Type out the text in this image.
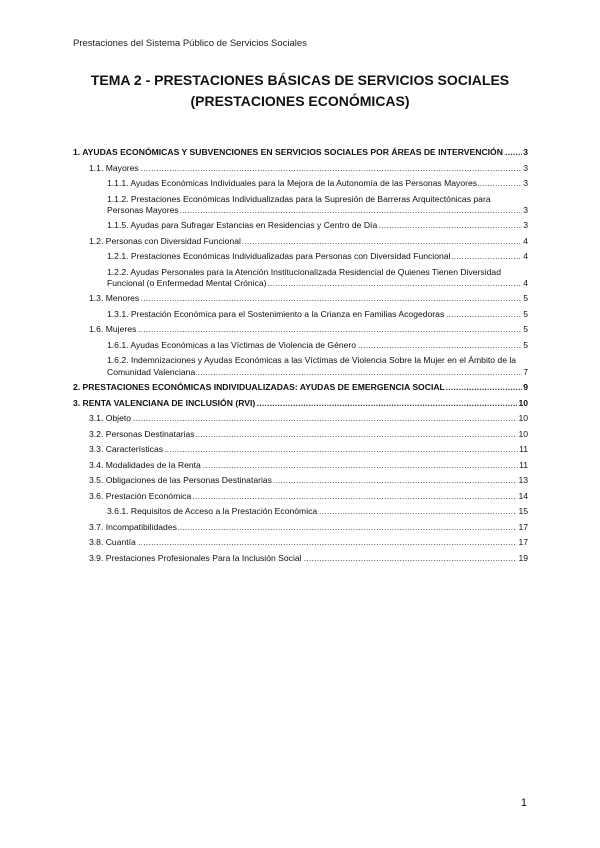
Prestaciones del Sistema Público de Servicios Sociales
TEMA 2 - PRESTACIONES BÁSICAS DE SERVICIOS SOCIALES
(PRESTACIONES ECONÓMICAS)
1. AYUDAS ECONÓMICAS Y SUBVENCIONES EN SERVICIOS SOCIALES POR ÁREAS DE INTERVENCIÓN .....	3
1.1. Mayores .....	3
1.1.1. Ayudas Económicas Individuales para la Mejora de la Autonomía de las Personas Mayores .....	3
1.1.2. Prestaciones Económicas Individualizadas para la Supresión de Barreras Arquitectónicas para Personas Mayores .....	3
1.1.5. Ayudas para Sufragar Estancias en Residencias y Centro de Día .....	3
1.2. Personas con Diversidad Funcional .....	4
1.2.1. Prestaciones Económicas Individualizadas para Personas con Diversidad Funcional .....	4
1.2.2. Ayudas Personales para la Atención Institucionalizada Residencial de Quienes Tienen Diversidad Funcional (o Enfermedad Mental Crónica) .....	4
1.3. Menores .....	5
1.3.1. Prestación Económica para el Sostenimiento a la Crianza en Familias Acogedoras .....	5
1.6. Mujeres .....	5
1.6.1. Ayudas Económicas a las Víctimas de Violencia de Género .....	5
1.6.2. Indemnizaciones y Ayudas Económicas a las Víctimas de Violencia Sobre la Mujer en el Ámbito de la Comunidad Valenciana .....	7
2. PRESTACIONES ECONÓMICAS INDIVIDUALIZADAS: AYUDAS DE EMERGENCIA SOCIAL .....	9
3. RENTA VALENCIANA DE INCLUSIÓN (RVI) .....	10
3.1. Objeto .....	10
3.2. Personas Destinatarias .....	10
3.3. Características .....	11
3.4. Modalidades de la Renta .....	11
3.5. Obligaciones de las Personas Destinatarias .....	13
3.6. Prestación Económica .....	14
3.6.1. Requisitos de Acceso a la Prestación Económica .....	15
3.7. Incompatibilidades .....	17
3.8. Cuantía .....	17
3.9. Prestaciones Profesionales Para la Inclusión Social .....	19
1
